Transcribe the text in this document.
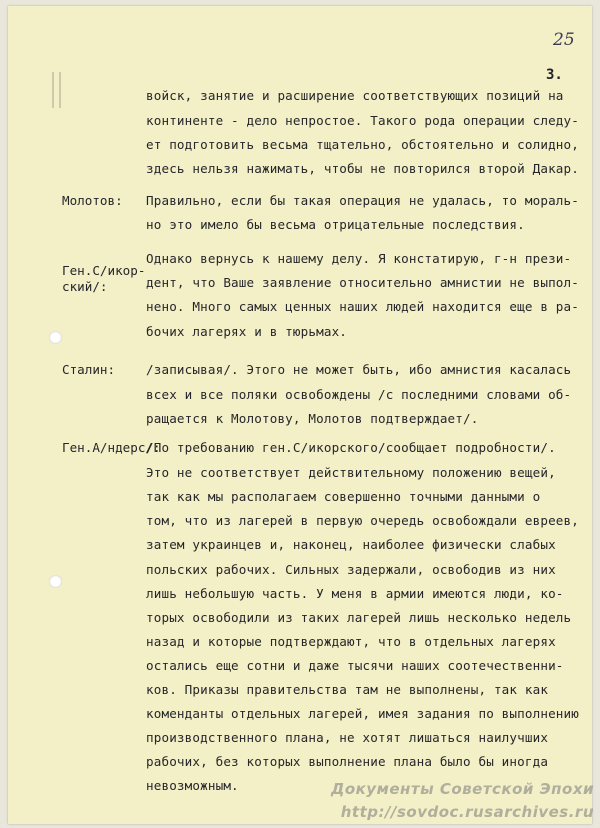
25
3.
Молотов:
Ген.С/икор-
ский/:
Сталин:
Ген.А/ндерс/:
войск, занятие и расширение соответствующих позиций на
континенте - дело непростое. Такого рода операции следу-
ет подготовить весьма тщательно, обстоятельно и солидно,
здесь нельзя нажимать, чтобы не повторился второй Дакар.
Правильно, если бы такая операция не удалась, то мораль-
но это имело бы весьма отрицательные последствия.
Однако вернусь к нашему делу. Я констатирую, г-н прези-
дент, что Ваше заявление относительно амнистии не выпол-
нено. Много самых ценных наших людей находится еще в ра-
бочих лагерях и в тюрьмах.
/записывая/. Этого не может быть, ибо амнистия касалась
всех и все поляки освобождены /с последними словами об-
ращается к Молотову, Молотов подтверждает/.
/По требованию ген.С/икорского/сообщает подробности/.
Это не соответствует действительному положению вещей,
так как мы располагаем совершенно точными данными о
том, что из лагерей в первую очередь освобождали евреев,
затем украинцев и, наконец, наиболее физически слабых
польских рабочих. Сильных задержали, освободив из них
лишь небольшую часть. У меня в армии имеются люди, ко-
торых освободили из таких лагерей лишь несколько недель
назад и которые подтверждают, что в отдельных лагерях
остались еще сотни и даже тысячи наших соотечественни-
ков. Приказы правительства там не выполнены, так как
коменданты отдельных лагерей, имея задания по выполнению
производственного плана, не хотят лишаться наилучших
рабочих, без которых выполнение плана было бы иногда
невозможным.	Документы Советской Эпохи
http://sovdoc.rusarchives.ru
